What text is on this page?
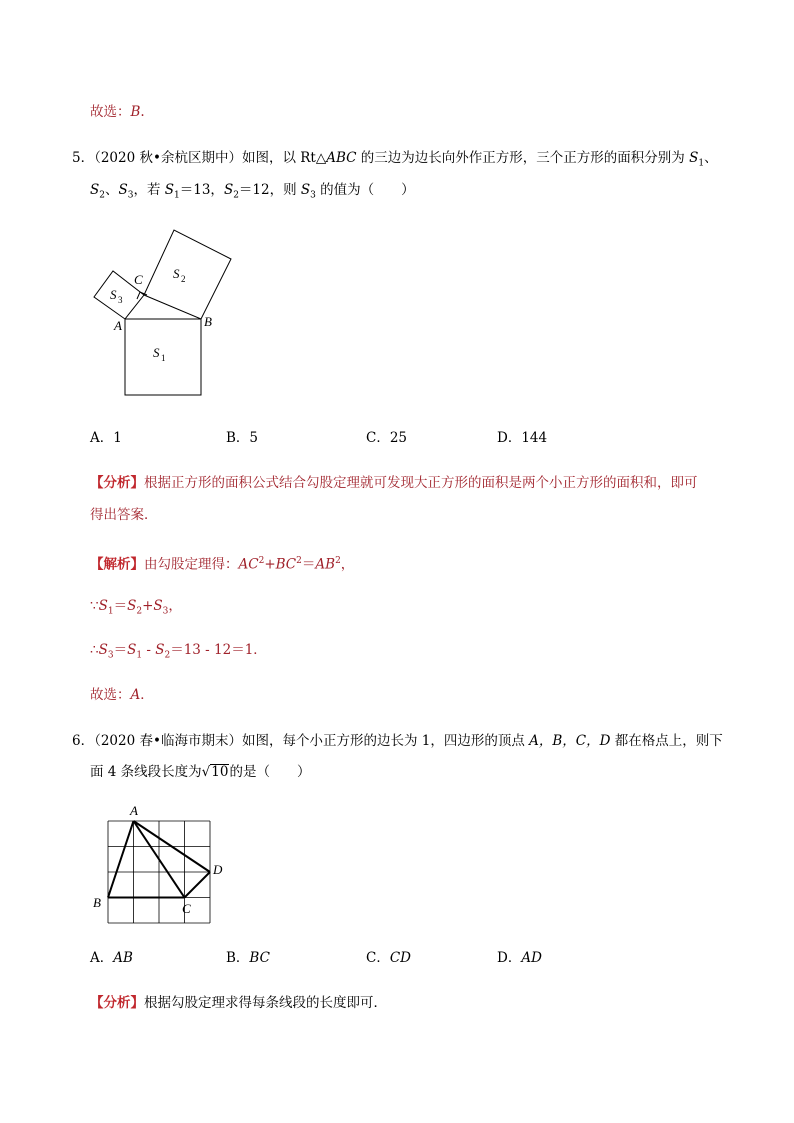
故选：B.
5．（2020 秋•余杭区期中）如图，以 Rt△ABC 的三边为边长向外作正方形，三个正方形的面积分别为 $S_1$、
$S_2$、$S_3$，若 $S_1=13$，$S_2=12$，则 $S_3$ 的值为（　　）
C
A	B
S 1
S 2
S 3
A．1	B．5	C．25	D．144
【分析】根据正方形的面积公式结合勾股定理就可发现大正方形的面积是两个小正方形的面积和，即可
得出答案．
【解析】由勾股定理得：$AC^2+BC^2=AB^2$，
$\because S_1=S_2+S_3$，
$\therefore S_3=S_1 - S_2=13 - 12=1$．
故选：A．
6．（2020 春•临海市期末）如图，每个小正方形的边长为 1，四边形的顶点 A，B，C，D 都在格点上，则下
面 4 条线段长度为√10的是（　　）
A
B	C
D
A．AB	B．BC	C．CD	D．AD
【分析】根据勾股定理求得每条线段的长度即可．
